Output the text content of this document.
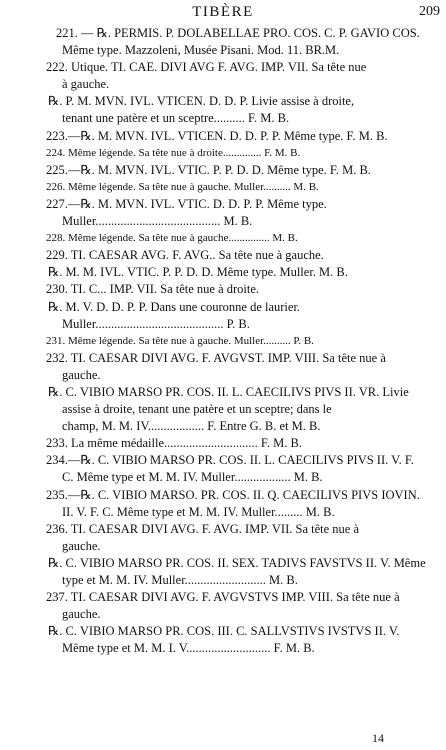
TIBÈRE	209
221. — ℞. PERMIS. P. DOLABELLAE PRO. COS. C. P. GAVIO COS.
Même type. Mazzoleni, Musée Pisani. Mod. 11. BR.M.
222. Utique. TI. CAE. DIVI AVG F. AVG. IMP. VII. Sa tête nue
à gauche.
℞. P. M. MVN. IVL. VTICEN. D. D. P. Livie assise à droite,
tenant une patère et un sceptre.......... F. M. B.
223.—℞. M. MVN. IVL. VTICEN. D. D. P. P. Même type. F. M. B.
224. Même légende. Sa tête nue à droite.............. F. M. B.
225.—℞. M. MVN. IVL. VTIC. P. P. D. D. Même type. F. M. B.
226. Même légende. Sa tête nue à gauche. Muller.......... M. B.
227.—℞. M. MVN. IVL. VTIC. D. D. P. P. Même type.
Muller........................................ M. B.
228. Même légende. Sa tête nue à gauche............... M. B.
229. TI. CAESAR AVG. F. AVG.. Sa tête nue à gauche.
℞. M. M. IVL. VTIC. P. P. D. D. Même type. Muller. M. B.
230. TI. C... IMP. VII. Sa tête nue à droite.
℞. M. V. D. D. P. P. Dans une couronne de laurier.
Muller......................................... P. B.
231. Même légende. Sa tête nue à gauche. Muller.......... P. B.
232. TI. CAESAR DIVI AVG. F. AVGVST. IMP. VIII. Sa tête nue à
gauche.
℞. C. VIBIO MARSO PR. COS. II. L. CAECILIVS PIVS II. VR. Livie
assise à droite, tenant une patère et un sceptre; dans le
champ, M. M. IV.................. F. Entre G. B. et M. B.
233. La même médaille.............................. F. M. B.
234.—℞. C. VIBIO MARSO PR. COS. II. L. CAECILIVS PIVS II. V. F.
C. Même type et M. M. IV. Muller.................. M. B.
235.—℞. C. VIBIO MARSO. PR. COS. II. Q. CAECILIVS PIVS IOVIN.
II. V. F. C. Même type et M. M. IV. Muller......... M. B.
236. TI. CAESAR DIVI AVG. F. AVG. IMP. VII. Sa tête nue à
gauche.
℞. C. VIBIO MARSO PR. COS. II. SEX. TADIVS FAVSTVS II. V. Même
type et M. M. IV. Muller.......................... M. B.
237. TI. CAESAR DIVI AVG. F. AVGVSTVS IMP. VIII. Sa tête nue à
gauche.
℞. C. VIBIO MARSO PR. COS. III. C. SALLVSTIVS IVSTVS II. V.
Même type et M. M. I. V........................... F. M. B.
14
